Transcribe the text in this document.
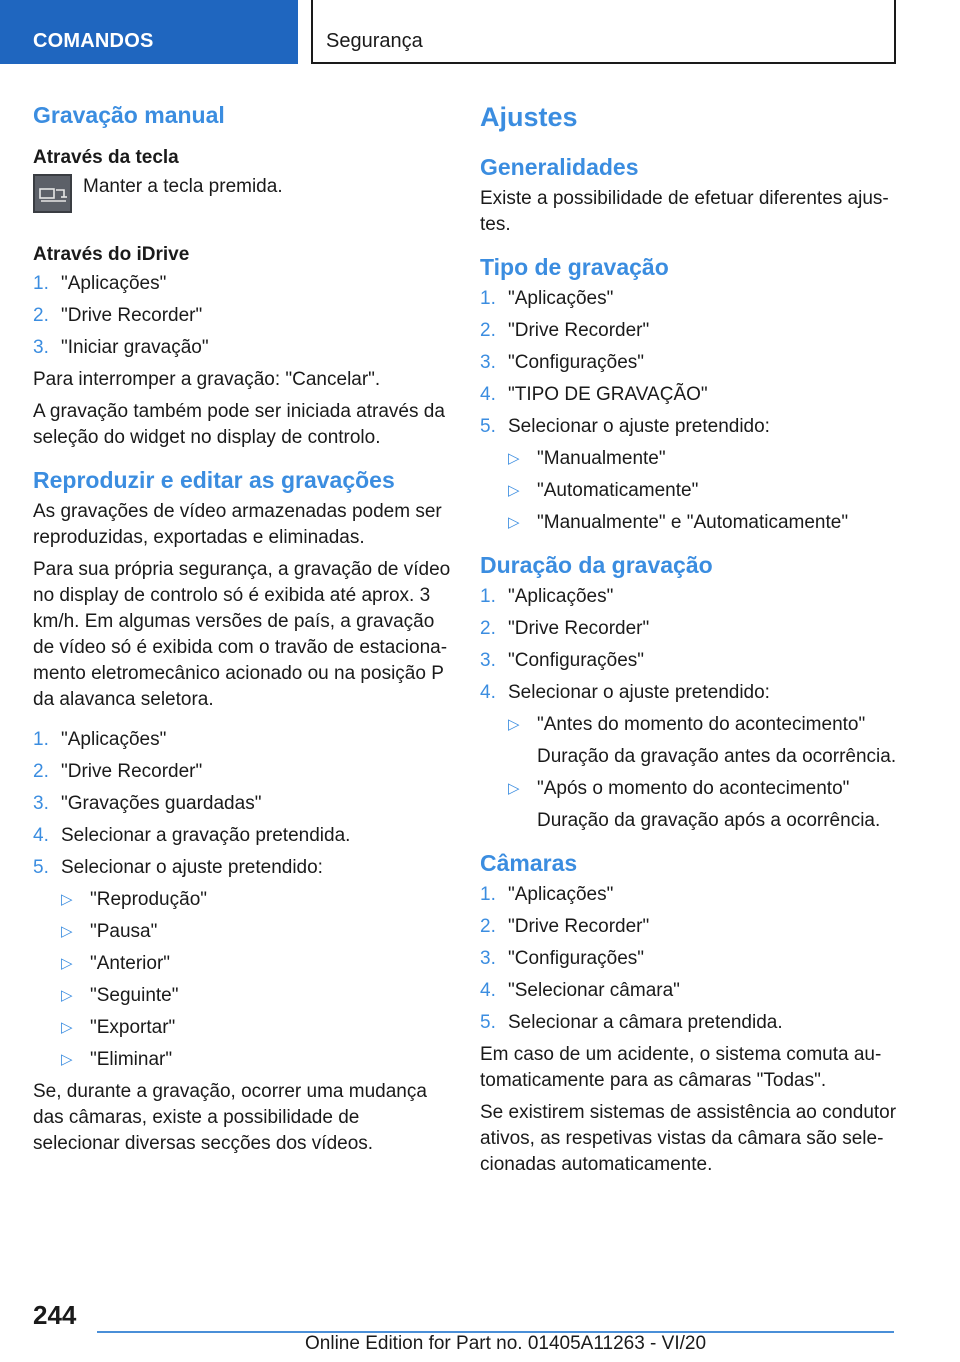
COMANDOS	Segurança
Gravação manual
Através da tecla

Manter a tecla premida.

Através do iDrive
1. "Aplicações"
2. "Drive Recorder"
3. "Iniciar gravação"

Para interromper a gravação: "Cancelar".

A gravação também pode ser iniciada através da seleção do widget no display de controlo.

Reproduzir e editar as gravações

As gravações de vídeo armazenadas podem ser reproduzidas, exportadas e eliminadas.

Para sua própria segurança, a gravação de vídeo no display de controlo só é exibida até aprox. 3 km/h. Em algumas versões de país, a gravação de vídeo só é exibida com o travão de estaciona-mento eletromecânico acionado ou na posição P da alavanca seletora.

1. "Aplicações"
2. "Drive Recorder"
3. "Gravações guardadas"
4. Selecionar a gravação pretendida.
5. Selecionar o ajuste pretendido:
▷ "Reprodução"
▷ "Pausa"
▷ "Anterior"
▷ "Seguinte"
▷ "Exportar"
▷ "Eliminar"

Se, durante a gravação, ocorrer uma mudança das câmaras, existe a possibilidade de selecionar diversas secções dos vídeos.

Ajustes
Generalidades

Existe a possibilidade de efetuar diferentes ajus-tes.

Tipo de gravação
1. "Aplicações"
2. "Drive Recorder"
3. "Configurações"
4. "TIPO DE GRAVAÇÃO"
5. Selecionar o ajuste pretendido:
▷ "Manualmente"
▷ "Automaticamente"
▷ "Manualmente" e "Automaticamente"
Duração da gravação
1. "Aplicações"
2. "Drive Recorder"
3. "Configurações"
4. Selecionar o ajuste pretendido:
▷ "Antes do momento do acontecimento"
Duração da gravação antes da ocorrência.
▷ "Após o momento do acontecimento"
Duração da gravação após a ocorrência.
Câmaras
1. "Aplicações"
2. "Drive Recorder"
3. "Configurações"
4. "Selecionar câmara"
5. Selecionar a câmara pretendida.

Em caso de um acidente, o sistema comuta au-tomaticamente para as câmaras "Todas".

Se existirem sistemas de assistência ao condutor ativos, as respetivas vistas da câmara são sele-cionadas automaticamente.

244
Online Edition for Part no. 01405A11263 - VI/20
